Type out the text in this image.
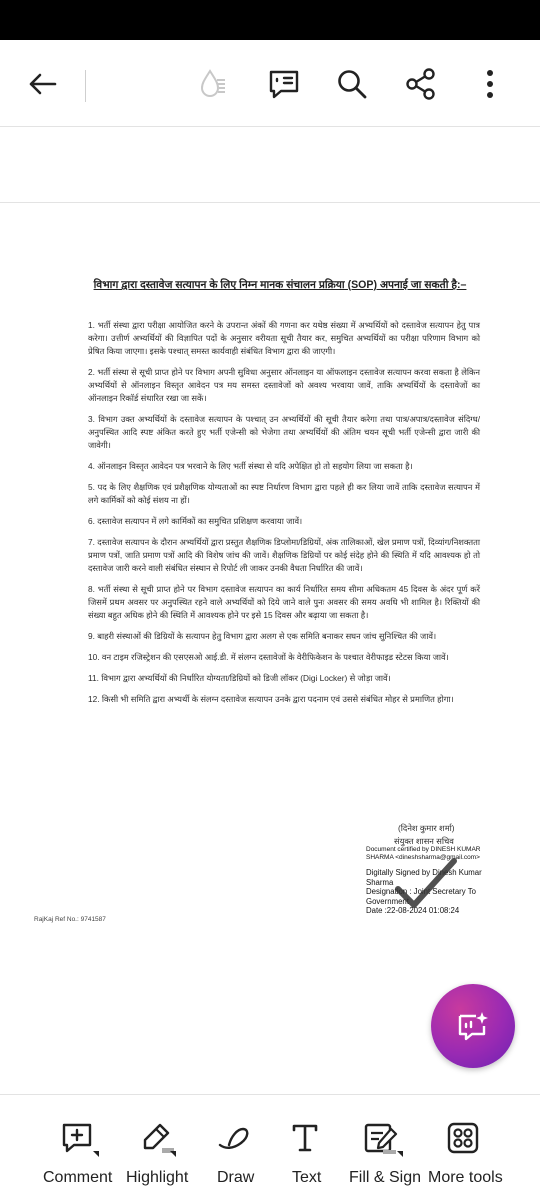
विभाग द्वारा दस्तावेज सत्यापन के लिए निम्न मानक संचालन प्रक्रिया (SOP) अपनाई जा सकती है:–

1. भर्ती संस्था द्वारा परीक्षा आयोजित करने के उपरान्त अंकों की गणना कर यथेष्ठ संख्या में अभ्यर्थियों को दस्तावेज सत्यापन हेतु पात्र करेगा। उत्तीर्ण अभ्यर्थियों की विज्ञापित पदों के अनुसार वरीयता सूची तैयार कर, समुचित अभ्यर्थियों का परीक्षा परिणाम विभाग को प्रेषित किया जाएगा। इसके पश्चात् समस्त कार्यवाही संबंधित विभाग द्वारा की जाएगी।

2. भर्ती संस्था से सूची प्राप्त होने पर विभाग अपनी सुविधा अनुसार ऑनलाइन या ऑफलाइन दस्तावेज सत्यापन करवा सकता है लेकिन अभ्यर्थियों से ऑनलाइन विस्तृत आवेदन पत्र मय समस्त दस्तावेजों को अवश्य भरवाया जावें, ताकि अभ्यर्थियों के दस्तावेजों का ऑनलाइन रिकॉर्ड संधारित रखा जा सकें।

3. विभाग उक्त अभ्यर्थियों के दस्तावेज सत्यापन के पश्चात् उन अभ्यर्थियों की सूची तैयार करेगा तथा पात्र/अपात्र/दस्तावेज संदिग्ध/अनुपस्थित आदि स्पष्ट अंकित करते हुए भर्ती एजेन्सी को भेजेगा तथा अभ्यर्थियों की अंतिम चयन सूची भर्ती एजेन्सी द्वारा जारी की जावेगी।

4. ऑनलाइन विस्तृत आवेदन पत्र भरवाने के लिए भर्ती संस्था से यदि अपेक्षित हो तो सहयोग लिया जा सकता है।

5. पद के लिए शैक्षणिक एवं प्रशैक्षणिक योग्यताओं का स्पष्ट निर्धारण विभाग द्वारा पहले ही कर लिया जावें ताकि दस्तावेज सत्यापन में लगे कार्मिकों को कोई संशय ना हों।

6. दस्तावेज सत्यापन में लगे कार्मिकों का समुचित प्रशिक्षण करवाया जावें।

7. दस्तावेज सत्यापन के दौरान अभ्यर्थियों द्वारा प्रस्तुत शैक्षणिक डिप्लोमा/डिग्रियों, अंक तालिकाओं, खेल प्रमाण पत्रों, दिव्यांग/निशक्तता प्रमाण पत्रों, जाति प्रमाण पत्रों आदि की विशेष जांच की जावें। शैक्षणिक डिग्रियों पर कोई संदेह होने की स्थिति में यदि आवश्यक हो तो दस्तावेज जारी करने वाली संबंधित संस्थान से रिपोर्ट ली जाकर उनकी वैधता निर्धारित की जावें।

8. भर्ती संस्था से सूची प्राप्त होने पर विभाग दस्तावेज सत्यापन का कार्य निर्धारित समय सीमा अधिकतम 45 दिवस के अंदर पूर्ण करें जिसमें प्रथम अवसर पर अनुपस्थित रहने वाले अभ्यर्थियों को दिये जाने वाले पुनः अवसर की समय अवधि भी शामिल है। रिक्तियों की संख्या बहुत अधिक होने की स्थिति में आवश्यक होने पर इसे 15 दिवस और बढ़ाया जा सकता है।

9. बाहरी संस्थाओं की डिग्रियों के सत्यापन हेतु विभाग द्वारा अलग से एक समिति बनाकर सघन जांच सुनिश्चित की जावें।

10. वन टाइम रजिस्ट्रेशन की एसएसओ आई.डी. में संलग्न दस्तावेजों के वेरीफिकेशन के पश्चात वेरीफाइड स्टेटस किया जावें।

11. विभाग द्वारा अभ्यर्थियों की निर्धारित योग्यता/डिग्रियों को डिजी लॉकर (Digi Locker) से जोड़ा जावें।

12. किसी भी समिति द्वारा अभ्यर्थी के संलग्न दस्तावेज सत्यापन उनके द्वारा पदनाम एवं उससे संबंधित मोहर से प्रमाणित होगा।

(दिनेश कुमार शर्मा)
संयुक्त शासन सचिव
Document certified by DINESH KUMAR
SHARMA <dineshsharma@gmail.com>
Digitally Signed by Dinesh Kumar
Sharma
Designation : Joint Secretary To
Government
Date :22-08-2024 01:08:24
RajKaj Ref No.: 9741587
Comment Highlight Draw Text Fill & Sign More tools
